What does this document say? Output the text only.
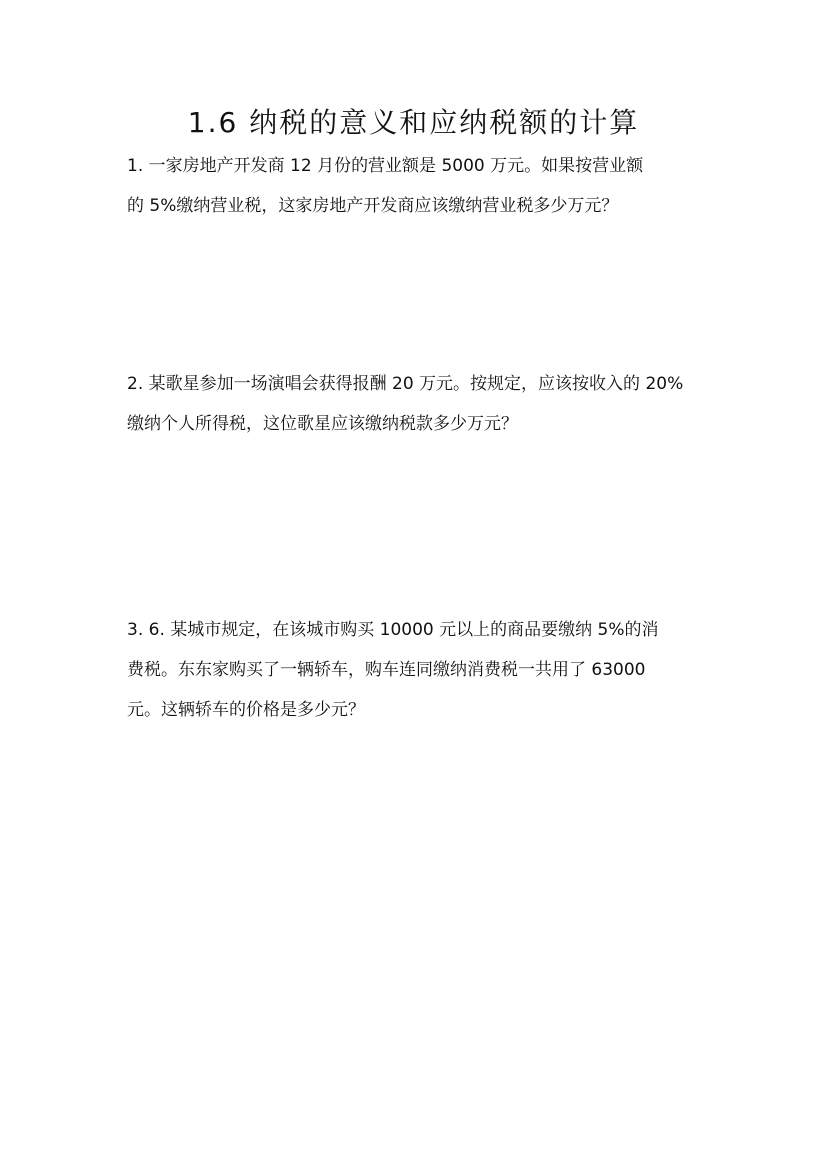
1.6 纳税的意义和应纳税额的计算
1. 一家房地产开发商 12 月份的营业额是 5000 万元。如果按营业额
的 5%缴纳营业税，这家房地产开发商应该缴纳营业税多少万元？
2. 某歌星参加一场演唱会获得报酬 20 万元。按规定，应该按收入的 20%
缴纳个人所得税，这位歌星应该缴纳税款多少万元？
3. 6. 某城市规定，在该城市购买 10000 元以上的商品要缴纳 5%的消
费税。东东家购买了一辆轿车，购车连同缴纳消费税一共用了 63000
元。这辆轿车的价格是多少元？
